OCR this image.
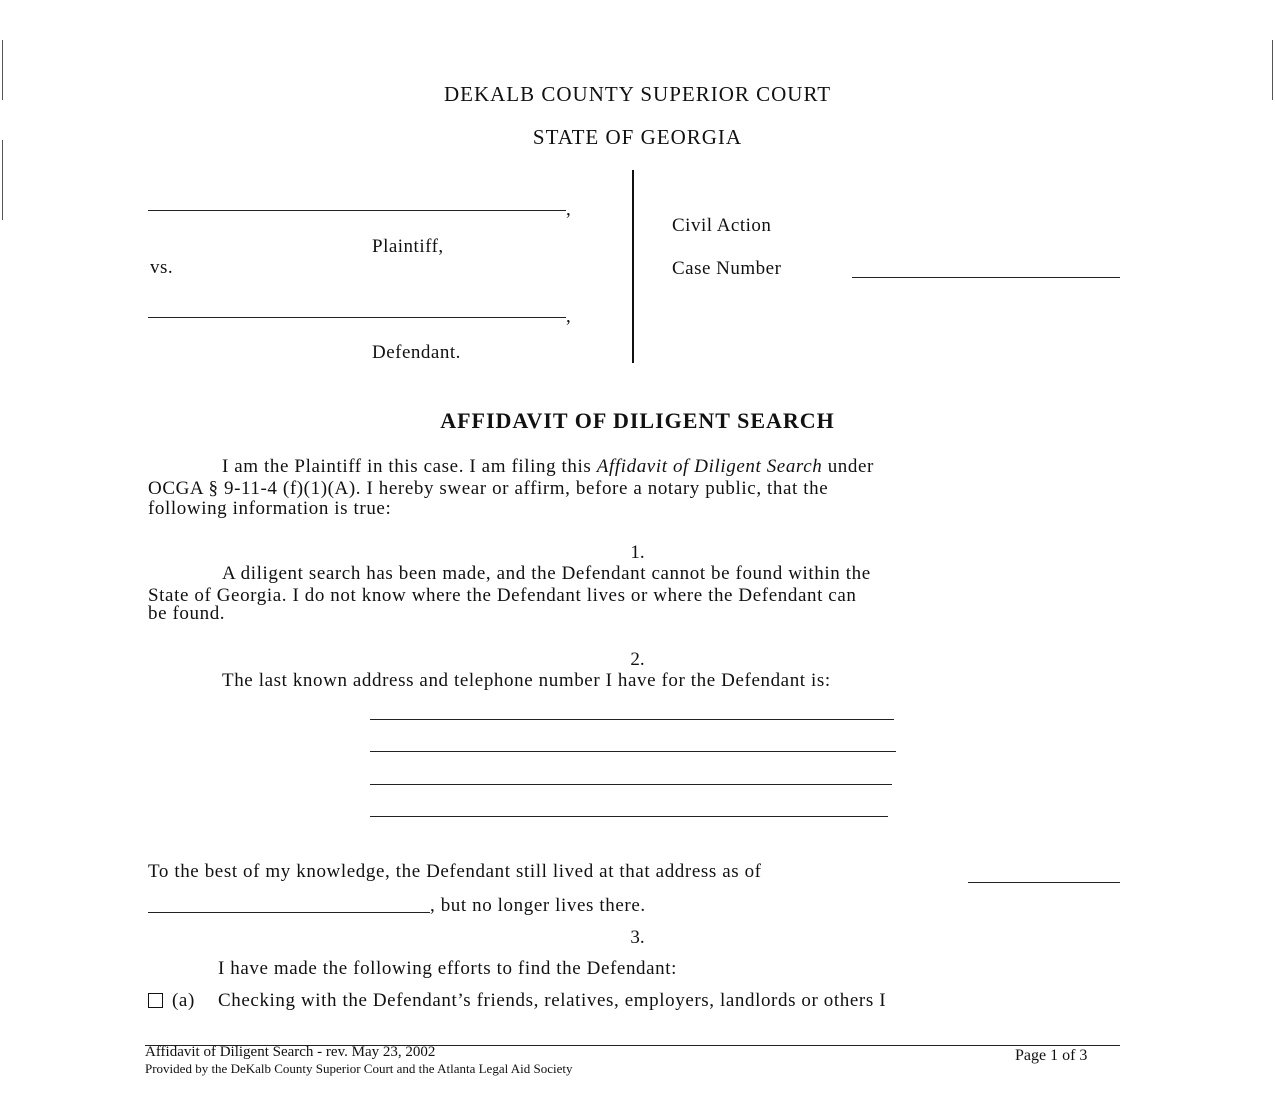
DEKALB COUNTY SUPERIOR COURT
STATE OF GEORGIA
,
Plaintiff,
vs.
,
Defendant.
Civil Action
Case Number
AFFIDAVIT OF DILIGENT SEARCH
I am the Plaintiff in this case. I am filing this Affidavit of Diligent Search under
OCGA § 9-11-4 (f)(1)(A). I hereby swear or affirm, before a notary public, that the
following information is true:
1.
A diligent search has been made, and the Defendant cannot be found within the
State of Georgia. I do not know where the Defendant lives or where the Defendant can
be found.
2.
The last known address and telephone number I have for the Defendant is:
To the best of my knowledge, the Defendant still lived at that address as of
, but no longer lives there.
3.
I have made the following efforts to find the Defendant:
(a) Checking with the Defendant’s friends, relatives, employers, landlords or others I
Affidavit of Diligent Search - rev. May 23, 2002
Provided by the DeKalb County Superior Court and the Atlanta Legal Aid Society
Page 1 of 3
